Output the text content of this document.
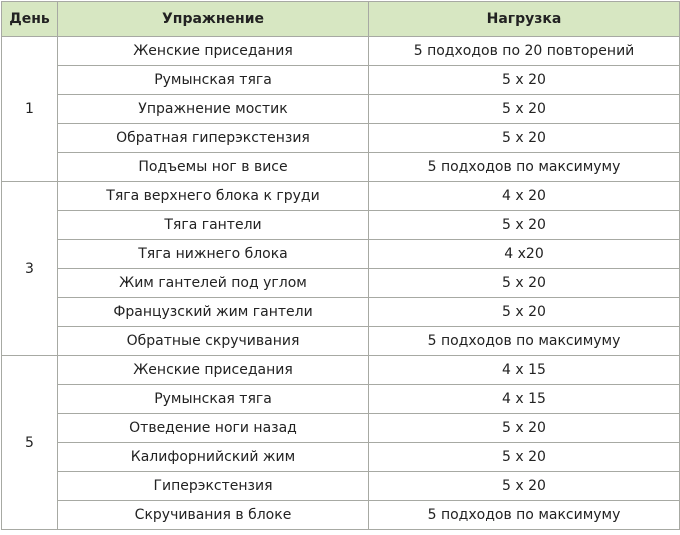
День	Упражнение	Нагрузка
1	Женские приседания	5 подходов по 20 повторений
	Румынская тяга	5 х 20
	Упражнение мостик	5 х 20
	Обратная гиперэкстензия	5 х 20
	Подъемы ног в висе	5 подходов по максимуму
3	Тяга верхнего блока к груди	4 х 20
	Тяга гантели	5 х 20
	Тяга нижнего блока	4 х20
	Жим гантелей под углом	5 х 20
	Французский жим гантели	5 х 20
	Обратные скручивания	5 подходов по максимуму
5	Женские приседания	4 х 15
	Румынская тяга	4 х 15
	Отведение ноги назад	5 х 20
	Калифорнийский жим	5 х 20
	Гиперэкстензия	5 х 20
	Скручивания в блоке	5 подходов по максимуму
